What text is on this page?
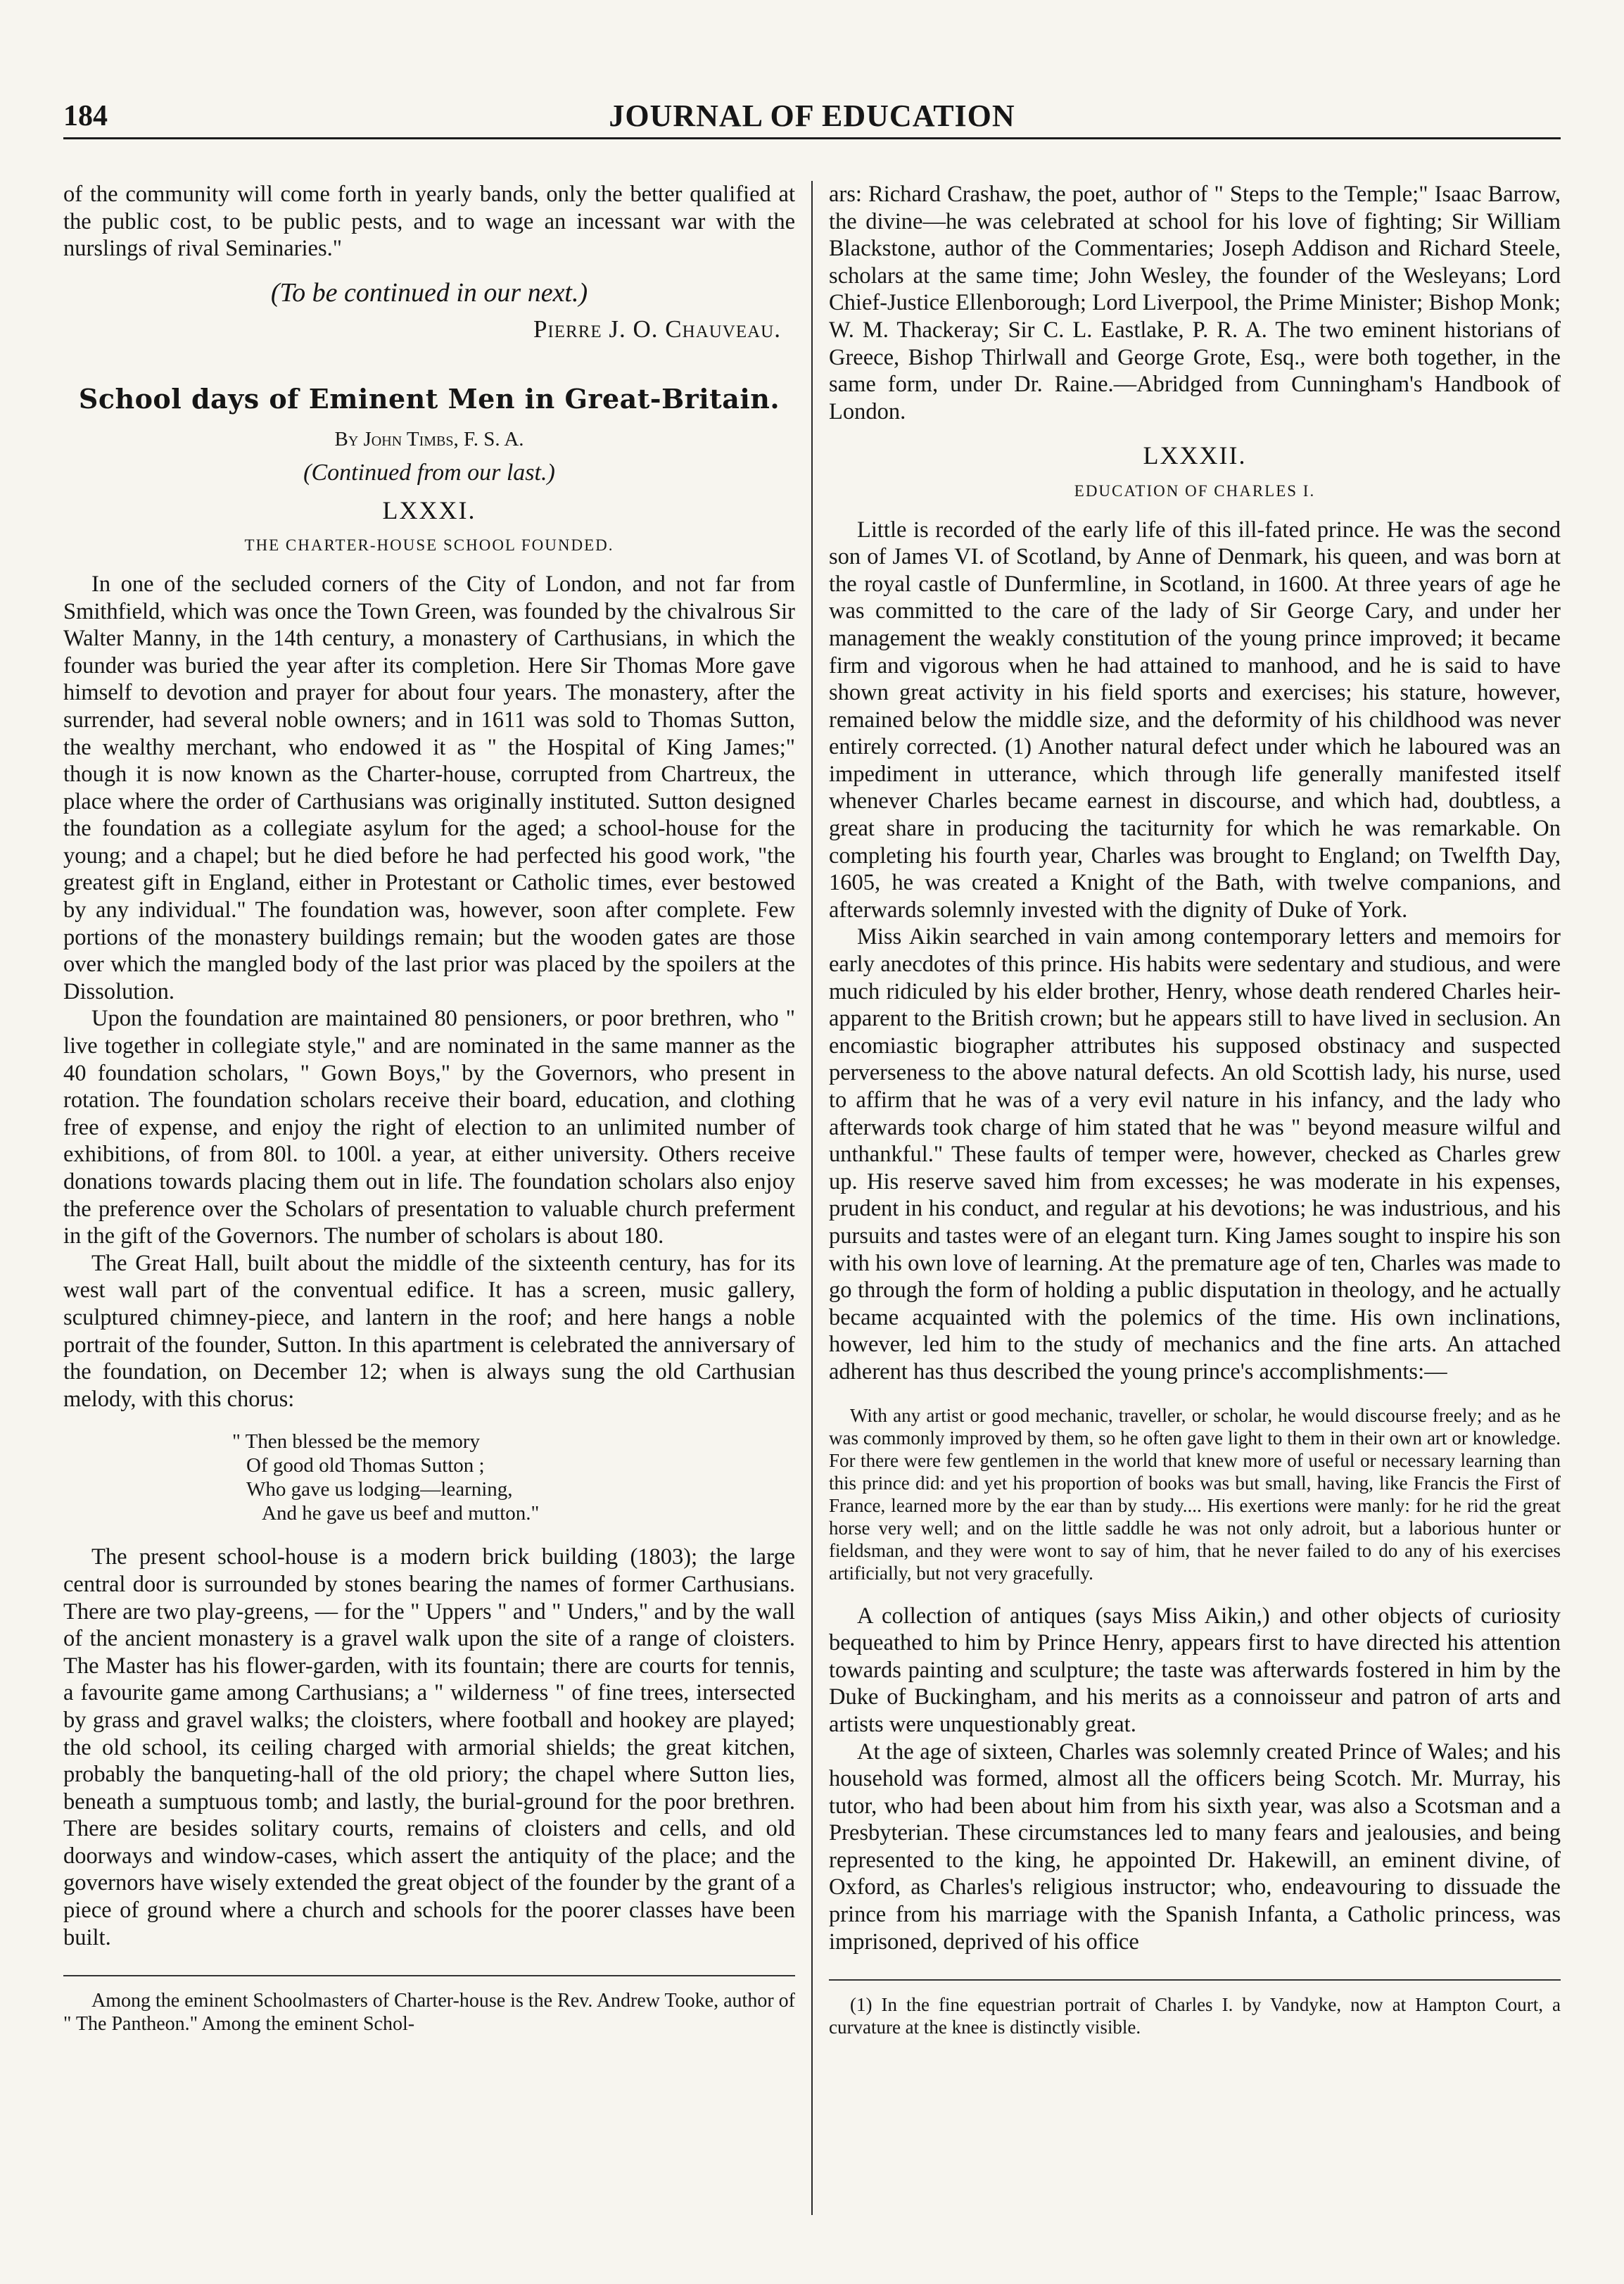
184	JOURNAL OF EDUCATION

of the community will come forth in yearly bands, only the better qualified at the public cost, to be public pests, and to wage an incessant war with the nurslings of rival Seminaries."

(To be continued in our next.)
Pierre J. O. Chauveau.
School days of Eminent Men in Great-Britain.
By John Timbs, F. S. A.
(Continued from our last.)
LXXXI.
THE CHARTER-HOUSE SCHOOL FOUNDED.

In one of the secluded corners of the City of London, and not far from Smithfield, which was once the Town Green, was founded by the chivalrous Sir Walter Manny, in the 14th century, a monastery of Carthusians, in which the founder was buried the year after its completion. Here Sir Thomas More gave himself to devotion and prayer for about four years. The monastery, after the surrender, had several noble owners; and in 1611 was sold to Thomas Sutton, the wealthy merchant, who endowed it as " the Hospital of King James;" though it is now known as the Charter-house, corrupted from Chartreux, the place where the order of Carthusians was originally instituted. Sutton designed the foundation as a collegiate asylum for the aged; a school-house for the young; and a chapel; but he died before he had perfected his good work, "the greatest gift in England, either in Protestant or Catholic times, ever bestowed by any individual." The foundation was, however, soon after complete. Few portions of the monastery buildings remain; but the wooden gates are those over which the mangled body of the last prior was placed by the spoilers at the Dissolution.

Upon the foundation are maintained 80 pensioners, or poor brethren, who " live together in collegiate style," and are nominated in the same manner as the 40 foundation scholars, " Gown Boys," by the Governors, who present in rotation. The foundation scholars receive their board, education, and clothing free of expense, and enjoy the right of election to an unlimited number of exhibitions, of from 80l. to 100l. a year, at either university. Others receive donations towards placing them out in life. The foundation scholars also enjoy the preference over the Scholars of presentation to valuable church preferment in the gift of the Governors. The number of scholars is about 180.

The Great Hall, built about the middle of the sixteenth century, has for its west wall part of the conventual edifice. It has a screen, music gallery, sculptured chimney-piece, and lantern in the roof; and here hangs a noble portrait of the founder, Sutton. In this apartment is celebrated the anniversary of the foundation, on December 12; when is always sung the old Carthusian melody, with this chorus:

" Then blessed be the memory
Of good old Thomas Sutton ;
Who gave us lodging—learning,
And he gave us beef and mutton."

The present school-house is a modern brick building (1803); the large central door is surrounded by stones bearing the names of former Carthusians. There are two play-greens, — for the " Uppers " and " Unders," and by the wall of the ancient monastery is a gravel walk upon the site of a range of cloisters. The Master has his flower-garden, with its fountain; there are courts for tennis, a favourite game among Carthusians; a " wilderness " of fine trees, intersected by grass and gravel walks; the cloisters, where football and hookey are played; the old school, its ceiling charged with armorial shields; the great kitchen, probably the banqueting-hall of the old priory; the chapel where Sutton lies, beneath a sumptuous tomb; and lastly, the burial-ground for the poor brethren. There are besides solitary courts, remains of cloisters and cells, and old doorways and window-cases, which assert the antiquity of the place; and the governors have wisely extended the great object of the founder by the grant of a piece of ground where a church and schools for the poorer classes have been built.

Among the eminent Schoolmasters of Charter-house is the Rev. Andrew Tooke, author of " The Pantheon." Among the eminent Schol-

ars: Richard Crashaw, the poet, author of " Steps to the Temple;" Isaac Barrow, the divine—he was celebrated at school for his love of fighting; Sir William Blackstone, author of the Commentaries; Joseph Addison and Richard Steele, scholars at the same time; John Wesley, the founder of the Wesleyans; Lord Chief-Justice Ellenborough; Lord Liverpool, the Prime Minister; Bishop Monk; W. M. Thackeray; Sir C. L. Eastlake, P. R. A. The two eminent historians of Greece, Bishop Thirlwall and George Grote, Esq., were both together, in the same form, under Dr. Raine.—Abridged from Cunningham's Handbook of London.

LXXXII.
EDUCATION OF CHARLES I.

Little is recorded of the early life of this ill-fated prince. He was the second son of James VI. of Scotland, by Anne of Denmark, his queen, and was born at the royal castle of Dunfermline, in Scotland, in 1600. At three years of age he was committed to the care of the lady of Sir George Cary, and under her management the weakly constitution of the young prince improved; it became firm and vigorous when he had attained to manhood, and he is said to have shown great activity in his field sports and exercises; his stature, however, remained below the middle size, and the deformity of his childhood was never entirely corrected. (1) Another natural defect under which he laboured was an impediment in utterance, which through life generally manifested itself whenever Charles became earnest in discourse, and which had, doubtless, a great share in producing the taciturnity for which he was remarkable. On completing his fourth year, Charles was brought to England; on Twelfth Day, 1605, he was created a Knight of the Bath, with twelve companions, and afterwards solemnly invested with the dignity of Duke of York.

Miss Aikin searched in vain among contemporary letters and memoirs for early anecdotes of this prince. His habits were sedentary and studious, and were much ridiculed by his elder brother, Henry, whose death rendered Charles heir-apparent to the British crown; but he appears still to have lived in seclusion. An encomiastic biographer attributes his supposed obstinacy and suspected perverseness to the above natural defects. An old Scottish lady, his nurse, used to affirm that he was of a very evil nature in his infancy, and the lady who afterwards took charge of him stated that he was " beyond measure wilful and unthankful." These faults of temper were, however, checked as Charles grew up. His reserve saved him from excesses; he was moderate in his expenses, prudent in his conduct, and regular at his devotions; he was industrious, and his pursuits and tastes were of an elegant turn. King James sought to inspire his son with his own love of learning. At the premature age of ten, Charles was made to go through the form of holding a public disputation in theology, and he actually became acquainted with the polemics of the time. His own inclinations, however, led him to the study of mechanics and the fine arts. An attached adherent has thus described the young prince's accomplishments:—

With any artist or good mechanic, traveller, or scholar, he would discourse freely; and as he was commonly improved by them, so he often gave light to them in their own art or knowledge. For there were few gentlemen in the world that knew more of useful or necessary learning than this prince did: and yet his proportion of books was but small, having, like Francis the First of France, learned more by the ear than by study.... His exertions were manly: for he rid the great horse very well; and on the little saddle he was not only adroit, but a laborious hunter or fieldsman, and they were wont to say of him, that he never failed to do any of his exercises artificially, but not very gracefully.

A collection of antiques (says Miss Aikin,) and other objects of curiosity bequeathed to him by Prince Henry, appears first to have directed his attention towards painting and sculpture; the taste was afterwards fostered in him by the Duke of Buckingham, and his merits as a connoisseur and patron of arts and artists were unquestionably great.

At the age of sixteen, Charles was solemnly created Prince of Wales; and his household was formed, almost all the officers being Scotch. Mr. Murray, his tutor, who had been about him from his sixth year, was also a Scotsman and a Presbyterian. These circumstances led to many fears and jealousies, and being represented to the king, he appointed Dr. Hakewill, an eminent divine, of Oxford, as Charles's religious instructor; who, endeavouring to dissuade the prince from his marriage with the Spanish Infanta, a Catholic princess, was imprisoned, deprived of his office

(1) In the fine equestrian portrait of Charles I. by Vandyke, now at Hampton Court, a curvature at the knee is distinctly visible.
